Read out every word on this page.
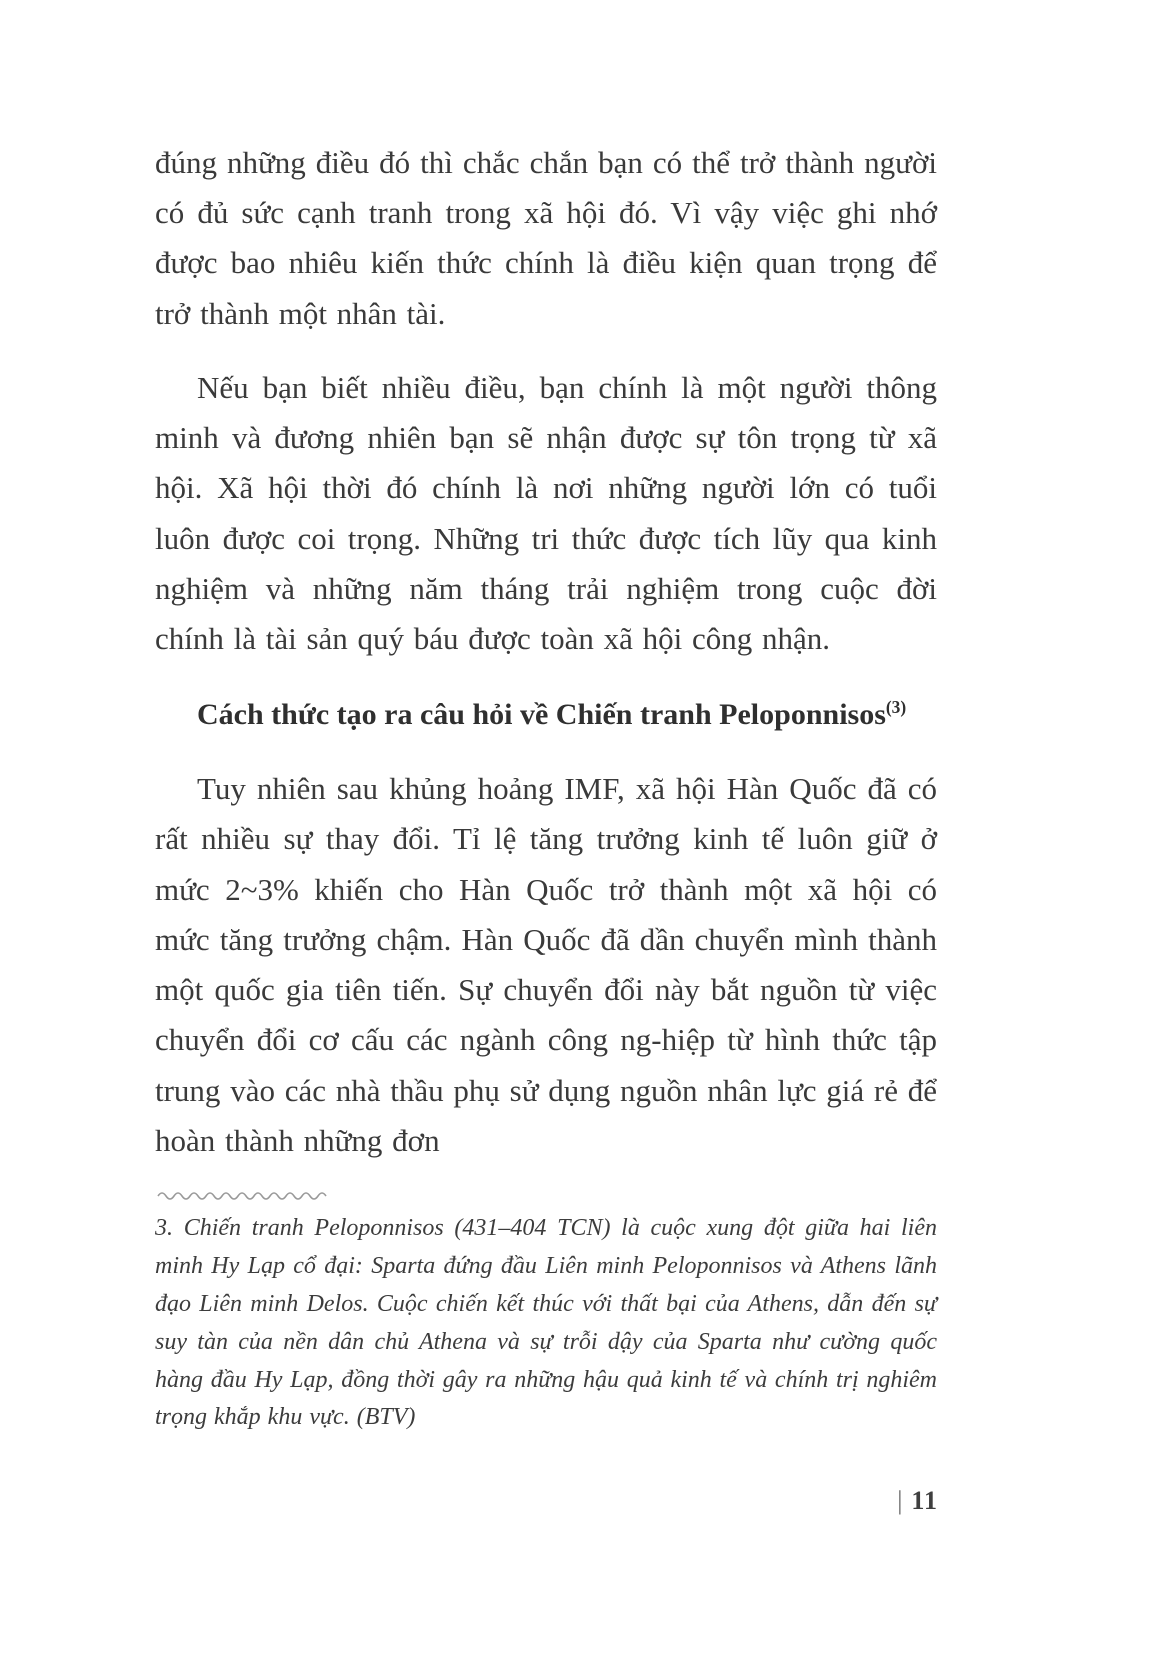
đúng những điều đó thì chắc chắn bạn có thể trở thành người có đủ sức cạnh tranh trong xã hội đó. Vì vậy việc ghi nhớ được bao nhiêu kiến thức chính là điều kiện quan trọng để trở thành một nhân tài.

Nếu bạn biết nhiều điều, bạn chính là một người thông minh và đương nhiên bạn sẽ nhận được sự tôn trọng từ xã hội. Xã hội thời đó chính là nơi những người lớn có tuổi luôn được coi trọng. Những tri thức được tích lũy qua kinh nghiệm và những năm tháng trải nghiệm trong cuộc đời chính là tài sản quý báu được toàn xã hội công nhận.

Cách thức tạo ra câu hỏi về Chiến tranh Peloponnisos$^{(3)}$

Tuy nhiên sau khủng hoảng IMF, xã hội Hàn Quốc đã có rất nhiều sự thay đổi. Tỉ lệ tăng trưởng kinh tế luôn giữ ở mức 2~3% khiến cho Hàn Quốc trở thành một xã hội có mức tăng trưởng chậm. Hàn Quốc đã dần chuyển mình thành một quốc gia tiên tiến. Sự chuyển đổi này bắt nguồn từ việc chuyển đổi cơ cấu các ngành công ng-hiệp từ hình thức tập trung vào các nhà thầu phụ sử dụng nguồn nhân lực giá rẻ để hoàn thành những đơn

3. Chiến tranh Peloponnisos (431–404 TCN) là cuộc xung đột giữa hai liên minh Hy Lạp cổ đại: Sparta đứng đầu Liên minh Peloponnisos và Athens lãnh đạo Liên minh Delos. Cuộc chiến kết thúc với thất bại của Athens, dẫn đến sự suy tàn của nền dân chủ Athena và sự trỗi dậy của Sparta như cường quốc hàng đầu Hy Lạp, đồng thời gây ra những hậu quả kinh tế và chính trị nghiêm trọng khắp khu vực. (BTV)

| 11
